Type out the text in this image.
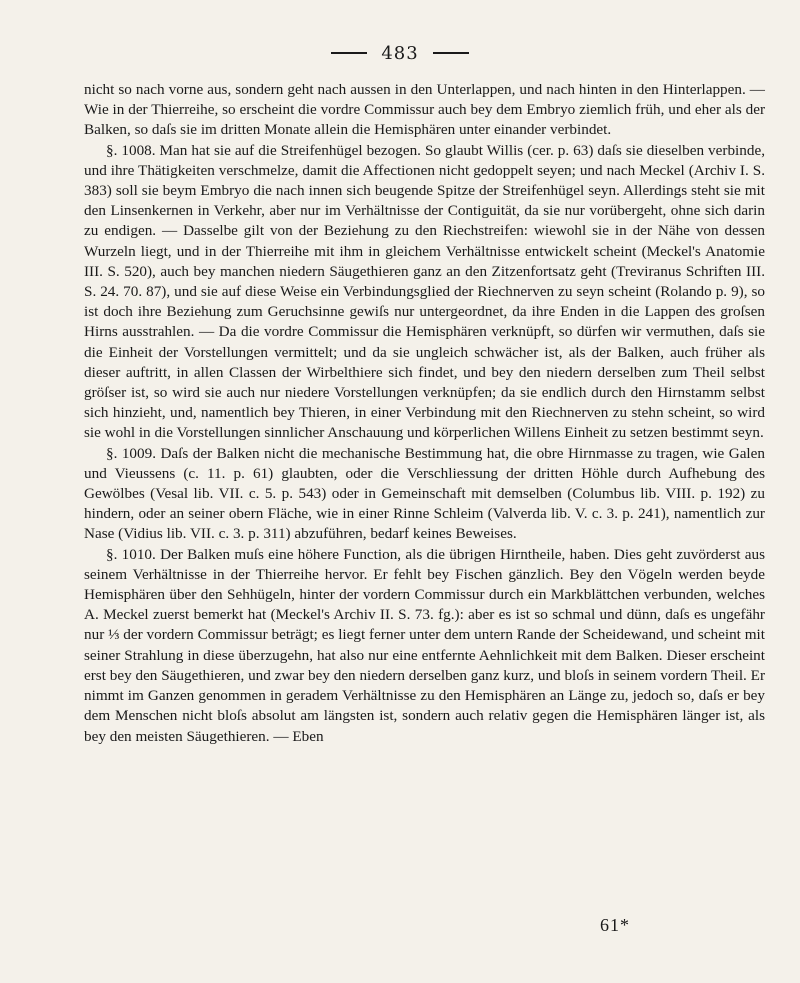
483

nicht so nach vorne aus, sondern geht nach aussen in den Unterlappen, und nach hinten in den Hinterlappen. — Wie in der Thierreihe, so erscheint die vordre Commissur auch bey dem Embryo ziemlich früh, und eher als der Balken, so daſs sie im dritten Monate allein die Hemisphären unter einander verbindet.

§. 1008. Man hat sie auf die Streifenhügel bezogen. So glaubt Willis (cer. p. 63) daſs sie dieselben verbinde, und ihre Thätigkeiten verschmelze, damit die Affectionen nicht gedoppelt seyen; und nach Meckel (Archiv I. S. 383) soll sie beym Embryo die nach innen sich beugende Spitze der Streifenhügel seyn. Allerdings steht sie mit den Linsenkernen in Verkehr, aber nur im Verhältnisse der Contiguität, da sie nur vorübergeht, ohne sich darin zu endigen. — Dasselbe gilt von der Beziehung zu den Riechstreifen: wiewohl sie in der Nähe von dessen Wurzeln liegt, und in der Thierreihe mit ihm in gleichem Verhältnisse entwickelt scheint (Meckel's Anatomie III. S. 520), auch bey manchen niedern Säugethieren ganz an den Zitzenfortsatz geht (Treviranus Schriften III. S. 24. 70. 87), und sie auf diese Weise ein Verbindungsglied der Riechnerven zu seyn scheint (Rolando p. 9), so ist doch ihre Beziehung zum Geruchsinne gewiſs nur untergeordnet, da ihre Enden in die Lappen des groſsen Hirns ausstrahlen. — Da die vordre Commissur die Hemisphären verknüpft, so dürfen wir vermuthen, daſs sie die Einheit der Vorstellungen vermittelt; und da sie ungleich schwächer ist, als der Balken, auch früher als dieser auftritt, in allen Classen der Wirbelthiere sich findet, und bey den niedern derselben zum Theil selbst gröſser ist, so wird sie auch nur niedere Vorstellungen verknüpfen; da sie endlich durch den Hirnstamm selbst sich hinzieht, und, namentlich bey Thieren, in einer Verbindung mit den Riechnerven zu stehn scheint, so wird sie wohl in die Vorstellungen sinnlicher Anschauung und körperlichen Willens Einheit zu setzen bestimmt seyn.

§. 1009. Daſs der Balken nicht die mechanische Bestimmung hat, die obre Hirnmasse zu tragen, wie Galen und Vieussens (c. 11. p. 61) glaubten, oder die Verschliessung der dritten Höhle durch Aufhebung des Gewölbes (Vesal lib. VII. c. 5. p. 543) oder in Gemeinschaft mit demselben (Columbus lib. VIII. p. 192) zu hindern, oder an seiner obern Fläche, wie in einer Rinne Schleim (Valverda lib. V. c. 3. p. 241), namentlich zur Nase (Vidius lib. VII. c. 3. p. 311) abzuführen, bedarf keines Beweises.

§. 1010. Der Balken muſs eine höhere Function, als die übrigen Hirntheile, haben. Dies geht zuvörderst aus seinem Verhältnisse in der Thierreihe hervor. Er fehlt bey Fischen gänzlich. Bey den Vögeln werden beyde Hemisphären über den Sehhügeln, hinter der vordern Commissur durch ein Markblättchen verbunden, welches A. Meckel zuerst bemerkt hat (Meckel's Archiv II. S. 73. fg.): aber es ist so schmal und dünn, daſs es ungefähr nur ⅓ der vordern Commissur beträgt; es liegt ferner unter dem untern Rande der Scheidewand, und scheint mit seiner Strahlung in diese überzugehn, hat also nur eine entfernte Aehnlichkeit mit dem Balken. Dieser erscheint erst bey den Säugethieren, und zwar bey den niedern derselben ganz kurz, und bloſs in seinem vordern Theil. Er nimmt im Ganzen genommen in geradem Verhältnisse zu den Hemisphären an Länge zu, jedoch so, daſs er bey dem Menschen nicht bloſs absolut am längsten ist, sondern auch relativ gegen die Hemisphären länger ist, als bey den meisten Säugethieren. — Eben

61*
